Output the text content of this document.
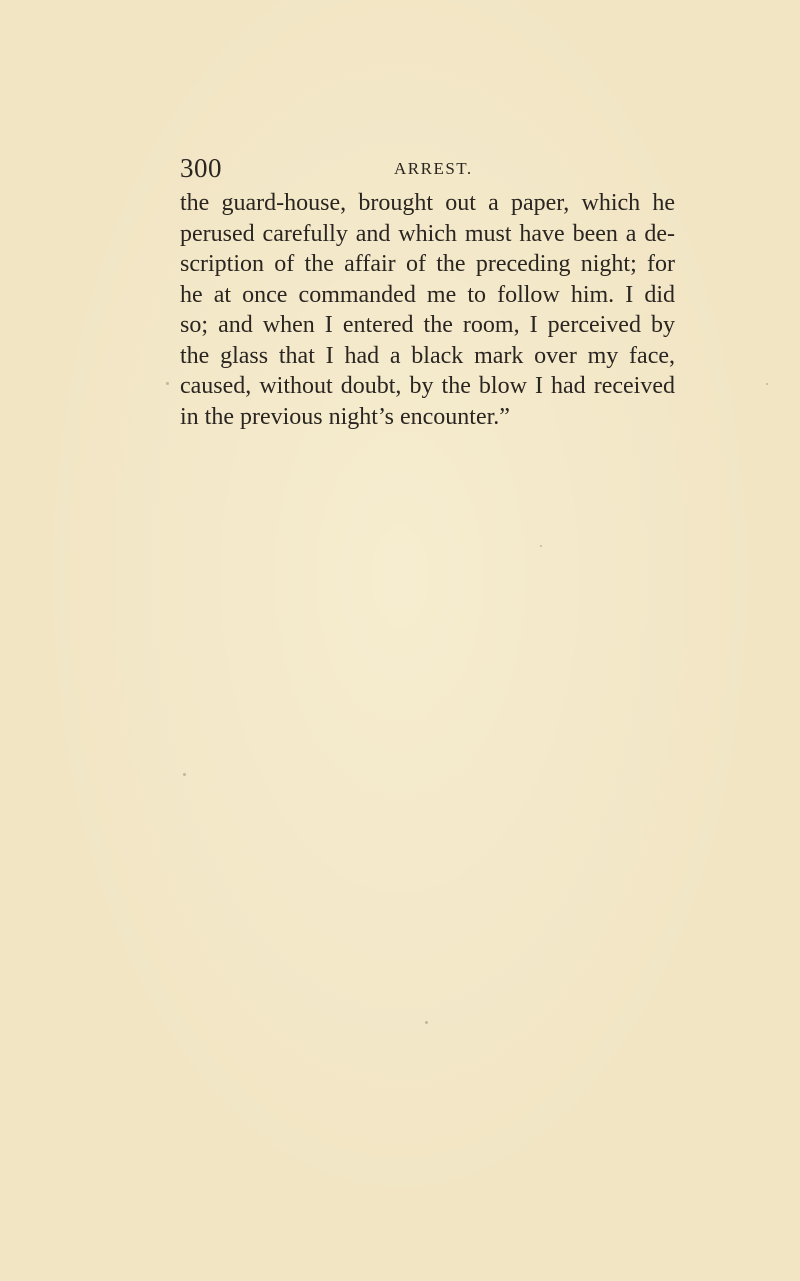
300	ARREST.
the guard-house, brought out a paper, which he
perused carefully and which must have been a de-
scription of the affair of the preceding night; for
he at once commanded me to follow him. I did
so; and when I entered the room, I perceived by
the glass that I had a black mark over my face,
caused, without doubt, by the blow I had received
in the previous night’s encounter.”
